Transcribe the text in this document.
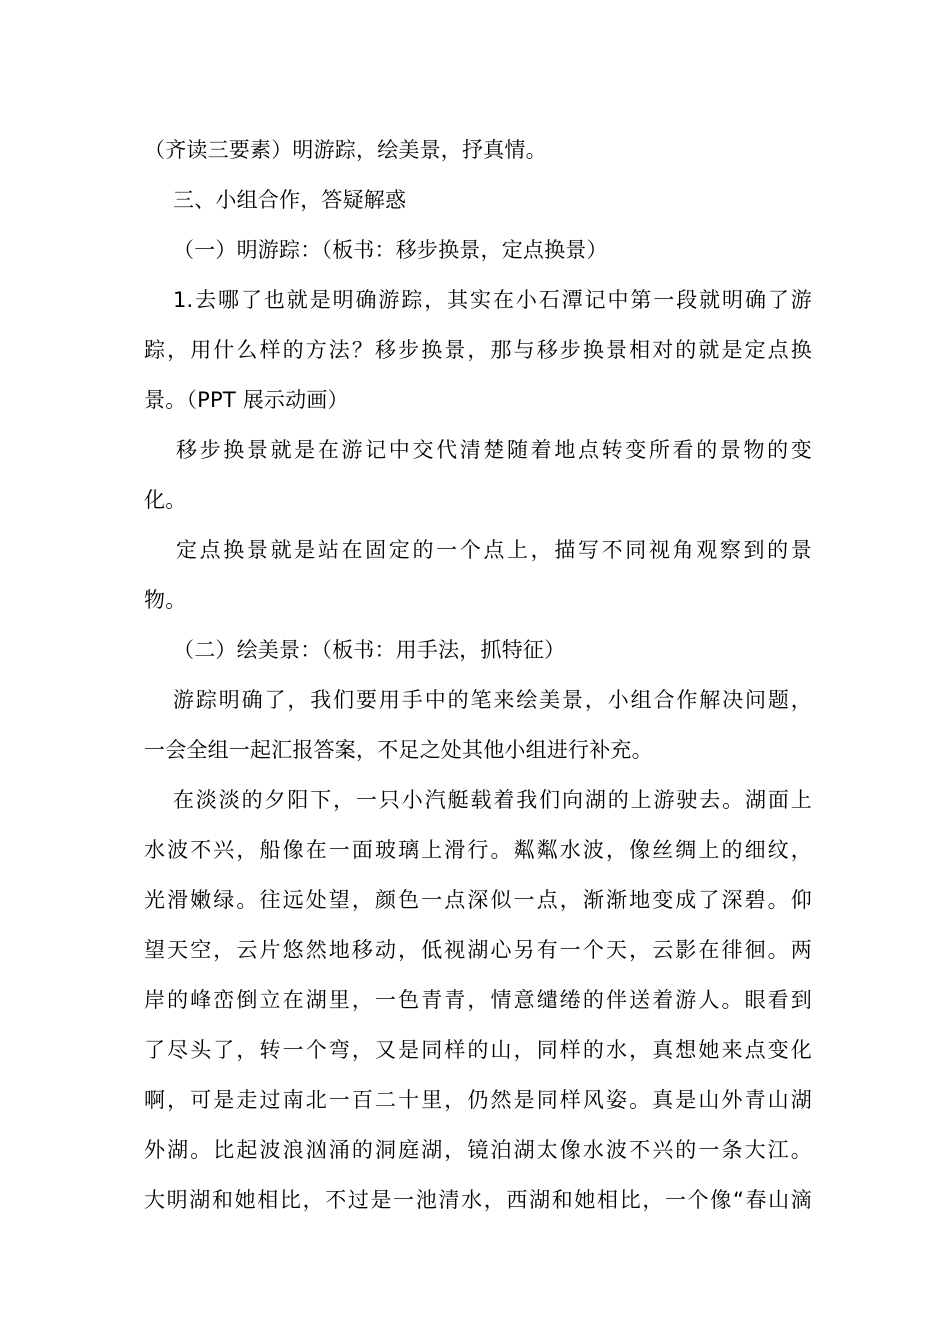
（齐读三要素）明游踪，绘美景，抒真情。
三、小组合作，答疑解惑
（一）明游踪：（板书：移步换景，定点换景）
1.去哪了也就是明确游踪，其实在小石潭记中第一段就明确了游
踪，用什么样的方法？移步换景，那与移步换景相对的就是定点换
景。（PPT 展示动画）
移步换景就是在游记中交代清楚随着地点转变所看的景物的变
化。
定点换景就是站在固定的一个点上，描写不同视角观察到的景
物。
（二）绘美景：（板书：用手法，抓特征）
游踪明确了，我们要用手中的笔来绘美景，小组合作解决问题，
一会全组一起汇报答案，不足之处其他小组进行补充。
在淡淡的夕阳下，一只小汽艇载着我们向湖的上游驶去。湖面上
水波不兴，船像在一面玻璃上滑行。粼粼水波，像丝绸上的细纹，
光滑嫩绿。往远处望，颜色一点深似一点，渐渐地变成了深碧。仰
望天空，云片悠然地移动，低视湖心另有一个天，云影在徘徊。两
岸的峰峦倒立在湖里，一色青青，情意缱绻的伴送着游人。眼看到
了尽头了，转一个弯，又是同样的山，同样的水，真想她来点变化
啊，可是走过南北一百二十里，仍然是同样风姿。真是山外青山湖
外湖。比起波浪汹涌的洞庭湖，镜泊湖太像水波不兴的一条大江。
大明湖和她相比，不过是一池清水，西湖和她相比，一个像“春山滴
